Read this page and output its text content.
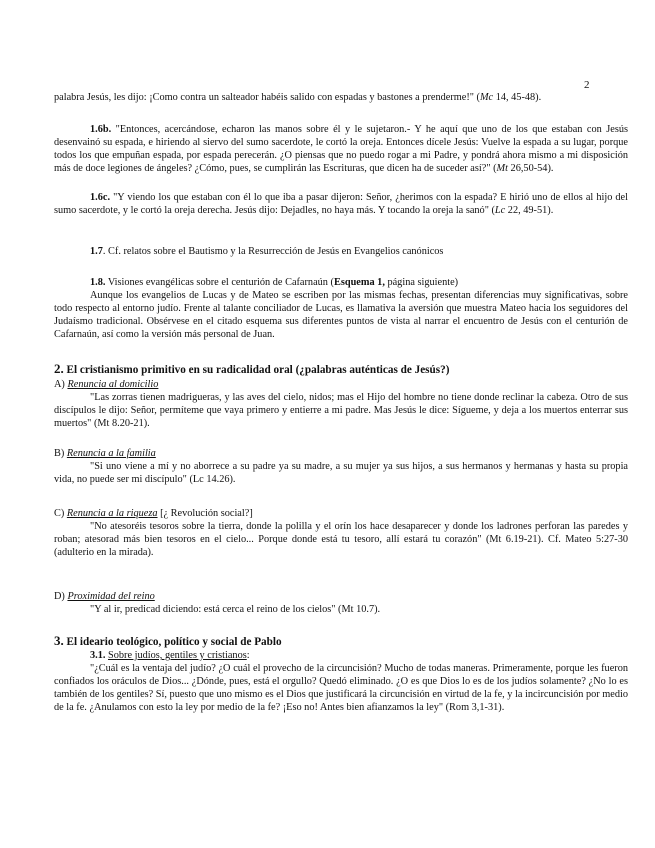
2

palabra Jesús, les dijo: ¡Como contra un salteador habéis salido con espadas y bastones a prenderme!" (Mc 14, 45-48).

1.6b. "Entonces, acercándose, echaron las manos sobre él y le sujetaron.- Y he aquí que uno de los que estaban con Jesús desenvainó su espada, e hiriendo al siervo del sumo sacerdote, le cortó la oreja. Entonces dícele Jesús: Vuelve la espada a su lugar, porque todos los que empuñan espada, por espada perecerán. ¿O piensas que no puedo rogar a mi Padre, y pondrá ahora mismo a mi disposición más de doce legiones de ángeles? ¿Cómo, pues, se cumplirán las Escrituras, que dicen ha de suceder así?" (Mt 26,50-54).

1.6c. "Y viendo los que estaban con él lo que iba a pasar dijeron: Señor, ¿herimos con la espada? E hirió uno de ellos al hijo del sumo sacerdote, y le cortó la oreja derecha. Jesús dijo: Dejadles, no haya más. Y tocando la oreja la sanó" (Lc 22, 49-51).

1.7. Cf. relatos sobre el Bautismo y la Resurrección de Jesús en Evangelios canónicos

1.8. Visiones evangélicas sobre el centurión de Cafarnaún (Esquema 1, página siguiente)

Aunque los evangelios de Lucas y de Mateo se escriben por las mismas fechas, presentan diferencias muy significativas, sobre todo respecto al entorno judío. Frente al talante conciliador de Lucas, es llamativa la aversión que muestra Mateo hacia los seguidores del Judaísmo tradicional. Obsérvese en el citado esquema sus diferentes puntos de vista al narrar el encuentro de Jesús con el centurión de Cafarnaún, así como la versión más personal de Juan.

2. El cristianismo primitivo en su radicalidad oral (¿palabras auténticas de Jesús?)

A) Renuncia al domicilio

"Las zorras tienen madrigueras, y las aves del cielo, nidos; mas el Hijo del hombre no tiene donde reclinar la cabeza. Otro de sus discípulos le dijo: Señor, permíteme que vaya primero y entierre a mi padre. Mas Jesús le dice: Sígueme, y deja a los muertos enterrar sus muertos" (Mt 8.20-21).

B) Renuncia a la familia

"Si uno viene a mí y no aborrece a su padre ya su madre, a su mujer ya sus hijos, a sus hermanos y hermanas y hasta su propia vida, no puede ser mi discípulo" (Lc 14.26).

C) Renuncia a la riqueza [¿ Revolución social?]

"No atesoréis tesoros sobre la tierra, donde la polilla y el orín los hace desaparecer y donde los ladrones perforan las paredes y roban; atesorad más bien tesoros en el cielo... Porque donde está tu tesoro, allí estará tu corazón" (Mt 6.19-21). Cf. Mateo 5:27-30 (adulterio en la mirada).

D) Proximidad del reino

"Y al ir, predicad diciendo: está cerca el reino de los cielos" (Mt 10.7).

3. El ideario teológico, político y social de Pablo

3.1. Sobre judíos, gentiles y cristianos:

"¿Cuál es la ventaja del judío? ¿O cuál el provecho de la circuncisión? Mucho de todas maneras. Primeramente, porque les fueron confiados los oráculos de Dios... ¿Dónde, pues, está el orgullo? Quedó eliminado. ¿O es que Dios lo es de los judíos solamente? ¿No lo es también de los gentiles? Sí, puesto que uno mismo es el Dios que justificará la circuncisión en virtud de la fe, y la incircuncisión por medio de la fe. ¿Anulamos con esto la ley por medio de la fe? ¡Eso no! Antes bien afianzamos la ley" (Rom 3,1-31).
